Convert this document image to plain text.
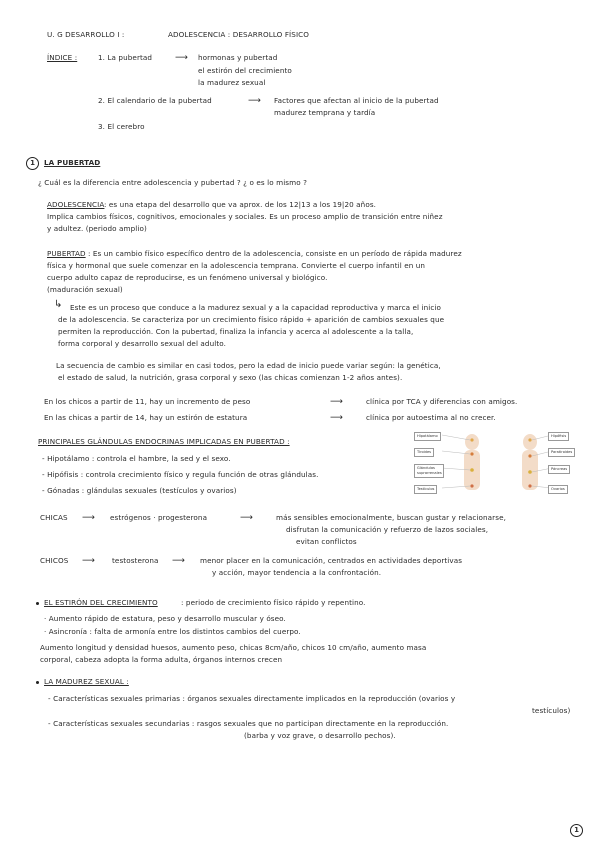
U. G DESARROLLO I :	ADOLESCENCIA : DESARROLLO FÍSICO
ÍNDICE :	1. La pubertad	⟶ hormonas y pubertad
el estirón del crecimiento
la madurez sexual
2. El calendario de la pubertad	⟶ Factores que afectan al inicio de la pubertad
madurez temprana y tardía
3. El cerebro
1	LA PUBERTAD
¿ Cuál es la diferencia entre adolescencia y pubertad ? ¿ o es lo mismo ?
ADOLESCENCIA : es una etapa del desarrollo que va aprox. de los 12|13 a los 19|20 años.
Implica cambios físicos, cognitivos, emocionales y sociales. Es un proceso amplio de transición entre niñez
y adultez. (periodo amplio)
PUBERTAD : Es un cambio físico específico dentro de la adolescencia, consiste en un período de rápida madurez
física y hormonal que suele comenzar en la adolescencia temprana. Convierte el cuerpo infantil en un
cuerpo adulto capaz de reproducirse, es un fenómeno universal y biológico.
(maduración sexual)
↳ Este es un proceso que conduce a la madurez sexual y a la capacidad reproductiva y marca el inicio
de la adolescencia. Se caracteriza por un crecimiento físico rápido + aparición de cambios sexuales que
permiten la reproducción. Con la pubertad, finaliza la infancia y acerca al adolescente a la talla,
forma corporal y desarrollo sexual del adulto.
La secuencia de cambio es similar en casi todos, pero la edad de inicio puede variar según: la genética,
el estado de salud, la nutrición, grasa corporal y sexo (las chicas comienzan 1-2 años antes).
En los chicos a partir de 11, hay un incremento de peso	⟶	clínica por TCA y diferencias con amigos.
En las chicas a partir de 14, hay un estirón de estatura	⟶	clínica por autoestima al no crecer.
PRINCIPALES GLÁNDULAS ENDOCRINAS IMPLICADAS EN PUBERTAD :
- Hipotálamo : controla el hambre, la sed y el sexo.
- Hipófisis : controla crecimiento físico y regula función de otras glándulas.
- Gónadas : glándulas sexuales (testículos y ovarios)
Hipotálamo
Tiroides
Glándulas suprarrenales
Testículos
Hipófisis
Paratiroides
Páncreas
Ovarios
CHICAS ⟶ estrógenos · progesterona	⟶	más sensibles emocionalmente, buscan gustar y relacionarse,
disfrutan la comunicación y refuerzo de lazos sociales,
evitan conflictos
CHICOS ⟶ testosterona ⟶ menor placer en la comunicación, centrados en actividades deportivas
y acción, mayor tendencia a la confrontación.
EL ESTIRÓN DEL CRECIMIENTO	: periodo de crecimiento físico rápido y repentino.
· Aumento rápido de estatura, peso y desarrollo muscular y óseo.
· Asincronía : falta de armonía entre los distintos cambios del cuerpo.
Aumento longitud y densidad huesos, aumento peso, chicas 8cm/año, chicos 10 cm/año, aumento masa
corporal, cabeza adopta la forma adulta, órganos internos crecen
LA MADUREZ SEXUAL :
- Características sexuales primarias : órganos sexuales directamente implicados en la reproducción (ovarios y
testículos)
- Características sexuales secundarias : rasgos sexuales que no participan directamente en la reproducción.
(barba y voz grave, o desarrollo pechos).
1
